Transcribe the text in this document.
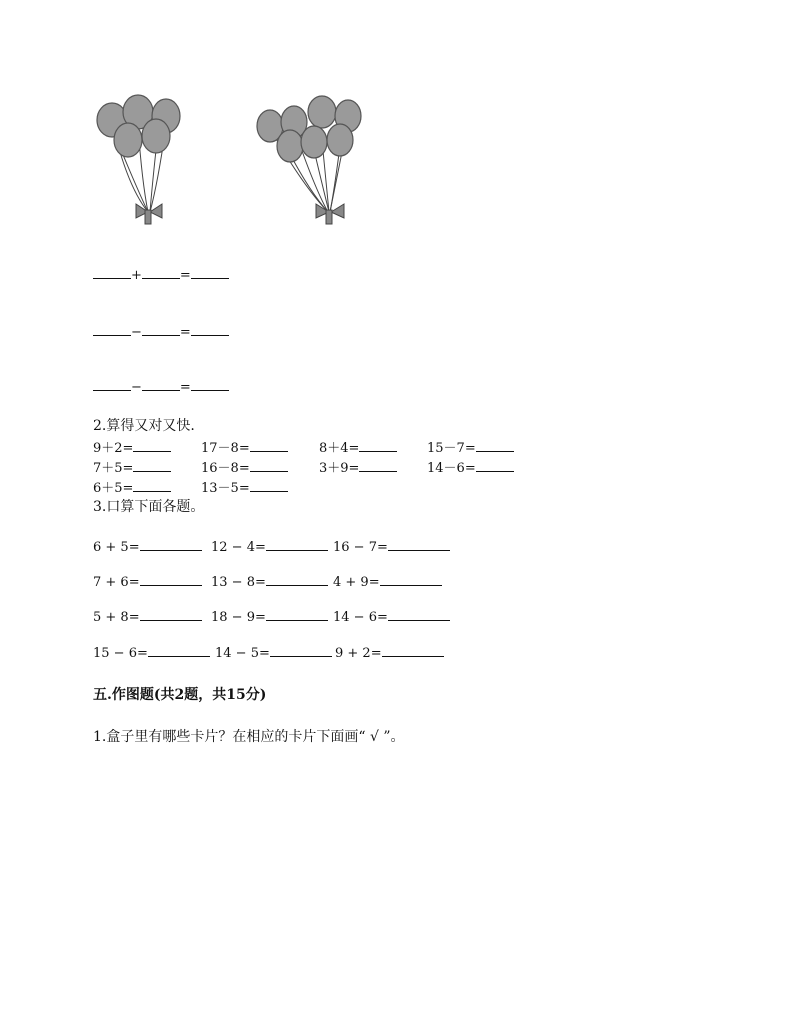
+	=
−	=
−	=
2.算得又对又快.
9＋2=	17－8=	8＋4=	15－7=
7＋5=	16－8=	3＋9=	14－6=
6＋5=	13－5=
3.口算下面各题。
6 + 5=	12 − 4=	16 − 7=
7 + 6=	13 − 8=	4 + 9=
5 + 8=	18 − 9=	14 − 6=
15 − 6=	14 − 5=	9 + 2=
五.作图题(共2题，共15分)
1.盒子里有哪些卡片？在相应的卡片下面画“ √ ”。
